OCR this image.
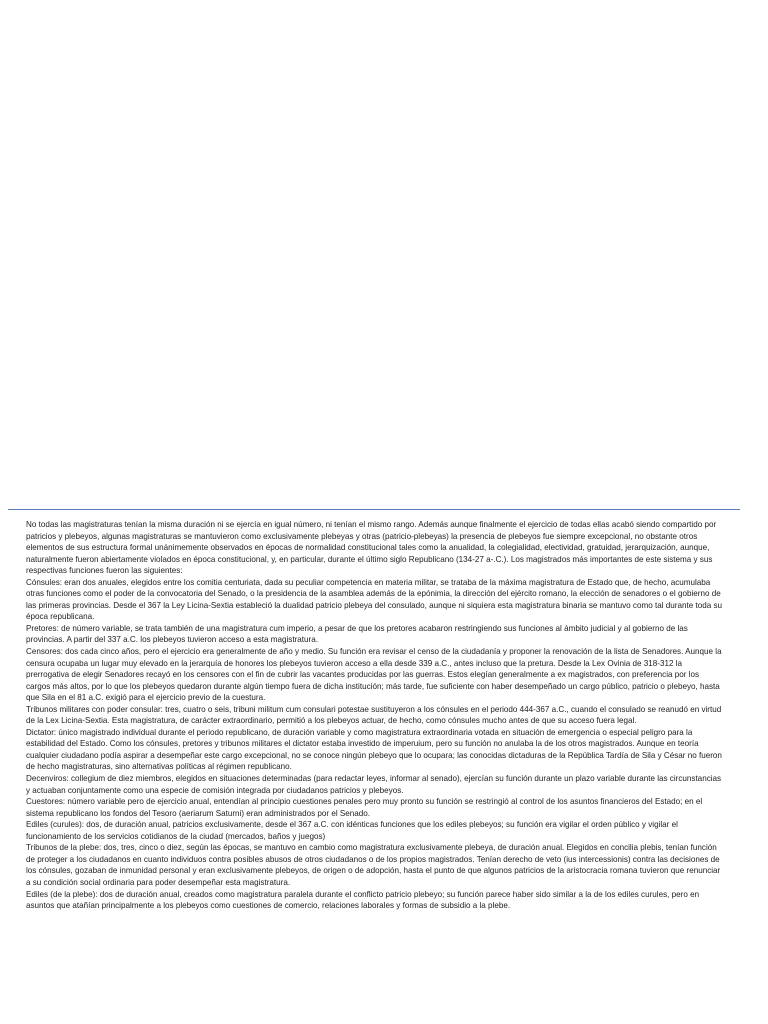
No todas las magistraturas tenían la misma duración ni se ejercía en igual número, ni tenían el mismo rango. Además aunque finalmente el ejercicio de todas ellas acabó siendo compartido por patricios y plebeyos, algunas magistraturas se mantuvieron como exclusivamente plebeyas y otras (patricio-plebeyas) la presencia de plebeyos fue siempre excepcional, no obstante otros elementos de sus estructura formal unánimemente observados en épocas de normalidad constitucional tales como la anualidad, la colegialidad, electividad, gratuidad, jerarquización, aunque, naturalmente fueron abiertamente violados en época constitucional, y, en particular, durante el último siglo Republicano (134-27 a-.C.). Los magistrados más importantes de este sistema y sus respectivas funciones fueron las siguientes:

Cónsules: eran dos anuales, elegidos entre los comitia centuriata, dada su peculiar competencia en materia militar, se trataba de la máxima magistratura de Estado que, de hecho, acumulaba otras funciones como el poder de la convocatoria del Senado, o la presidencia de la asamblea además de la epónimia, la dirección del ejército romano, la elección de senadores o el gobierno de las primeras provincias. Desde el 367 la Ley Licina-Sextia estableció la dualidad patricio plebeya del consulado, aunque ni siquiera esta magistratura binaria se mantuvo como tal durante toda su época republicana.

Pretores: de número variable, se trata también de una magistratura cum imperio, a pesar de que los pretores acabaron restringiendo sus funciones al ámbito judicial y al gobierno de las provincias. A partir del 337 a.C. los plebeyos tuvieron acceso a esta magistratura.

Censores: dos cada cinco años, pero el ejercicio era generalmente de año y medio. Su función era revisar el censo de la ciudadanía y proponer la renovación de la lista de Senadores. Aunque la censura ocupaba un lugar muy elevado en la jerarquía de honores los plebeyos tuvieron acceso a ella desde 339 a.C., antes incluso que la pretura. Desde la Lex Ovinia de 318-312 la prerrogativa de elegir Senadores recayó en los censores con el fin de cubrir las vacantes producidas por las guerras. Estos elegían generalmente a ex magistrados, con preferencia por los cargos más altos, por lo que los plebeyos quedaron durante algún tiempo fuera de dicha institución; más tarde, fue suficiente con haber desempeñado un cargo público, patricio o plebeyo, hasta que Sila en el 81 a.C. exigió para el ejercicio previo de la cuestura.

Tribunos militares con poder consular: tres, cuatro o seis, tribuni militum cum consulari potestae sustituyeron a los cónsules en el periodo 444-367 a.C., cuando el consulado se reanudó en virtud de la Lex Licina-Sextia. Esta magistratura, de carácter extraordinario, permitió a los plebeyos actuar, de hecho, como cónsules mucho antes de que su acceso fuera legal.

Dictator: único magistrado individual durante el periodo republicano, de duración variable y como magistratura extraordinaria votada en situación de emergencia o especial peligro para la estabilidad del Estado. Como los cónsules, pretores y tribunos militares el dictator estaba investido de imperuium, pero su función no anulaba la de los otros magistrados. Aunque en teoría cualquier ciudadano podía aspirar a desempeñar este cargo excepcional, no se conoce ningún plebeyo que lo ocupara; las conocidas dictaduras de la República Tardía de Sila y César no fueron de hecho magistraturas, sino alternativas políticas al régimen republicano.

Decenviros: collegium de diez miembros, elegidos en situaciones determinadas (para redactar leyes, informar al senado), ejercían su función durante un plazo variable durante las circunstancias y actuaban conjuntamente como una especie de comisión integrada por ciudadanos patricios y plebeyos.

Cuestores: número variable pero de ejercicio anual, entendían al principio cuestiones penales pero muy pronto su función se restringió al control de los asuntos financieros del Estado; en el sistema republicano los fondos del Tesoro (aeriarum Saturni) eran administrados por el Senado.

Ediles (curules): dos, de duración anual, patricios exclusivamente, desde el 367 a.C. con idénticas funciones que los ediles plebeyos; su función era vigilar el orden público y vigilar el funcionamiento de los servicios cotidianos de la ciudad (mercados, baños y juegos)

Tribunos de la plebe: dos, tres, cinco o diez, según las épocas, se mantuvo en cambio como magistratura exclusivamente plebeya, de duración anual. Elegidos en concilia plebis, tenían función de proteger a los ciudadanos en cuanto individuos contra posibles abusos de otros ciudadanos o de los propios magistrados. Tenían derecho de veto (ius intercessionis) contra las decisiones de los cónsules, gozaban de inmunidad personal y eran exclusivamente plebeyos, de origen o de adopción, hasta el punto de que algunos patricios de la aristocracia romana tuvieron que renunciar a su condición social ordinaria para poder desempeñar esta magistratura.

Ediles (de la plebe): dos de duración anual, creados como magistratura paralela durante el conflicto patricio plebeyo; su función parece haber sido similar a la de los ediles curules, pero en asuntos que atañían principalmente a los plebeyos como cuestiones de comercio, relaciones laborales y formas de subsidio a la plebe.
